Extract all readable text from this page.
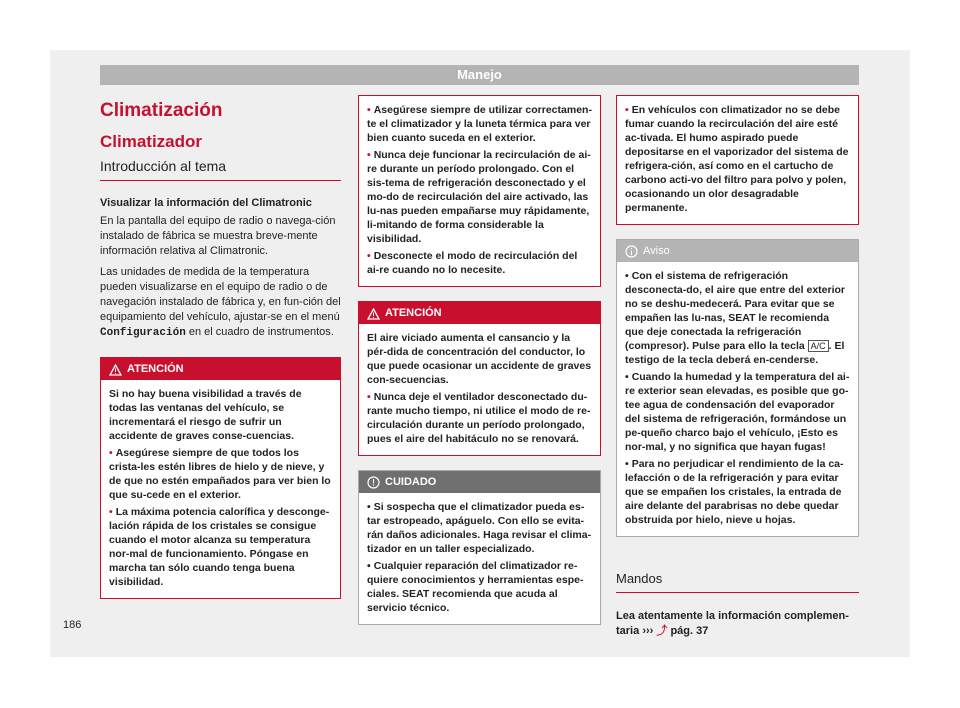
Manejo
Climatización
Climatizador
Introducción al tema
Visualizar la información del Climatronic

En la pantalla del equipo de radio o navega-ción instalado de fábrica se muestra breve-mente información relativa al Climatronic.

Las unidades de medida de la temperatura pueden visualizarse en el equipo de radio o de navegación instalado de fábrica y, en fun-ción del equipamiento del vehículo, ajustar-se en el menú Configuración en el cuadro de instrumentos.

ATENCIÓN

Si no hay buena visibilidad a través de todas las ventanas del vehículo, se incrementará el riesgo de sufrir un accidente de graves conse-cuencias.

• Asegúrese siempre de que todos los crista-les estén libres de hielo y de nieve, y de que no estén empañados para ver bien lo que su-cede en el exterior.

• La máxima potencia calorífica y desconge-lación rápida de los cristales se consigue cuando el motor alcanza su temperatura nor-mal de funcionamiento. Póngase en marcha tan sólo cuando tenga buena visibilidad.

• Asegúrese siempre de utilizar correctamen-te el climatizador y la luneta térmica para ver bien cuanto suceda en el exterior.

• Nunca deje funcionar la recirculación de ai-re durante un período prolongado. Con el sis-tema de refrigeración desconectado y el mo-do de recirculación del aire activado, las lu-nas pueden empañarse muy rápidamente, li-mitando de forma considerable la visibilidad.

• Desconecte el modo de recirculación del ai-re cuando no lo necesite.

ATENCIÓN

El aire viciado aumenta el cansancio y la pér-dida de concentración del conductor, lo que puede ocasionar un accidente de graves con-secuencias.

• Nunca deje el ventilador desconectado du-rante mucho tiempo, ni utilice el modo de re-circulación durante un período prolongado, pues el aire del habitáculo no se renovará.

CUIDADO

• Si sospecha que el climatizador pueda es-tar estropeado, apáguelo. Con ello se evita-rán daños adicionales. Haga revisar el clima-tizador en un taller especializado.

• Cualquier reparación del climatizador re-quiere conocimientos y herramientas espe-ciales. SEAT recomienda que acuda al servicio técnico.

• En vehículos con climatizador no se debe fumar cuando la recirculación del aire esté ac-tivada. El humo aspirado puede depositarse en el vaporizador del sistema de refrigera-ción, así como en el cartucho de carbono acti-vo del filtro para polvo y polen, ocasionando un olor desagradable permanente.

Aviso

• Con el sistema de refrigeración desconecta-do, el aire que entre del exterior no se deshu-medecerá. Para evitar que se empañen las lu-nas, SEAT le recomienda que deje conectada la refrigeración (compresor). Pulse para ello la tecla A/C . El testigo de la tecla deberá en-cenderse.

• Cuando la humedad y la temperatura del ai-re exterior sean elevadas, es posible que go-tee agua de condensación del evaporador del sistema de refrigeración, formándose un pe-queño charco bajo el vehículo, ¡Esto es nor-mal, y no significa que hayan fugas!

• Para no perjudicar el rendimiento de la ca-lefacción o de la refrigeración y para evitar que se empañen los cristales, la entrada de aire delante del parabrisas no debe quedar obstruida por hielo, nieve u hojas.

Mandos
Lea atentamente la información complemen-taria ››› ⤴ pág. 37
186
